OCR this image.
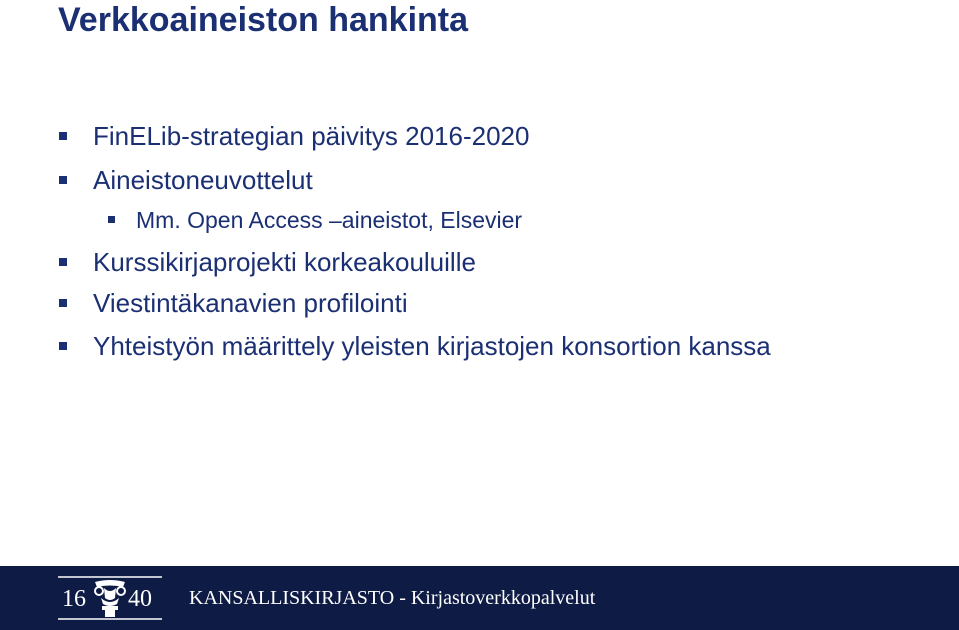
Verkkoaineiston hankinta
FinELib-strategian päivitys 2016-2020
Aineistoneuvottelut
Mm. Open Access –aineistot, Elsevier
Kurssikirjaprojekti korkeakouluille
Viestintäkanavien profilointi
Yhteistyön määrittely yleisten kirjastojen konsortion kanssa
16 40 KANSALLISKIRJASTO - Kirjastoverkkopalvelut
